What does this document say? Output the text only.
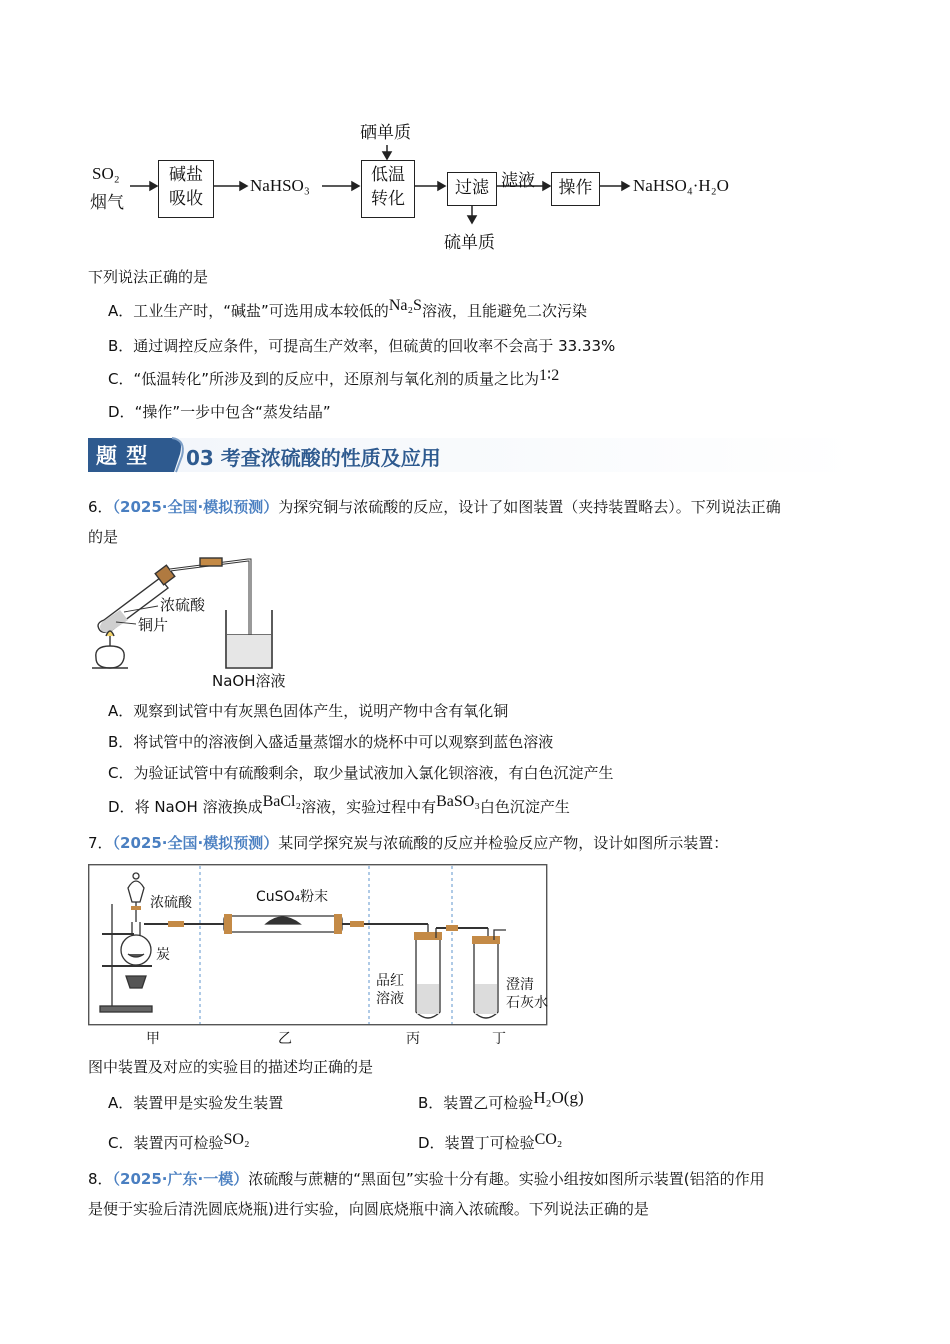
SO₂
烟气
碱盐
吸收
NaHSO₃
硒单质
低温
转化
过滤
硫单质
滤液	操作	NaHSO₄·H₂O
下列说法正确的是
A．工业生产时，“碱盐”可选用成本较低的Na₂S溶液，且能避免二次污染
B．通过调控反应条件，可提高生产效率，但硫黄的回收率不会高于 33.33%
C．“低温转化”所涉及到的反应中，还原剂与氧化剂的质量之比为1∶2
D．“操作”一步中包含“蒸发结晶”
题 型 03 考查浓硫酸的性质及应用
6．（2025·全国·模拟预测）为探究铜与浓硫酸的反应，设计了如图装置（夹持装置略去）。下列说法正确
的是
浓硫酸
铜片
NaOH溶液
A．观察到试管中有灰黑色固体产生，说明产物中含有氧化铜
B．将试管中的溶液倒入盛适量蒸馏水的烧杯中可以观察到蓝色溶液
C．为验证试管中有硫酸剩余，取少量试液加入氯化钡溶液，有白色沉淀产生
D．将 NaOH 溶液换成BaCl₂溶液，实验过程中有BaSO₃白色沉淀产生
7．（2025·全国·模拟预测）某同学探究炭与浓硫酸的反应并检验反应产物，设计如图所示装置：
浓硫酸	CuSO₄粉末
炭
品红
溶液
澄清
石灰水
甲	乙	丙	丁
图中装置及对应的实验目的描述均正确的是
A．装置甲是实验发生装置	B．装置乙可检验H₂O(g)
C．装置丙可检验SO₂	D．装置丁可检验CO₂
8．（2025·广东·一模）浓硫酸与蔗糖的“黑面包”实验十分有趣。实验小组按如图所示装置(铝箔的作用
是便于实验后清洗圆底烧瓶)进行实验，向圆底烧瓶中滴入浓硫酸。下列说法正确的是
